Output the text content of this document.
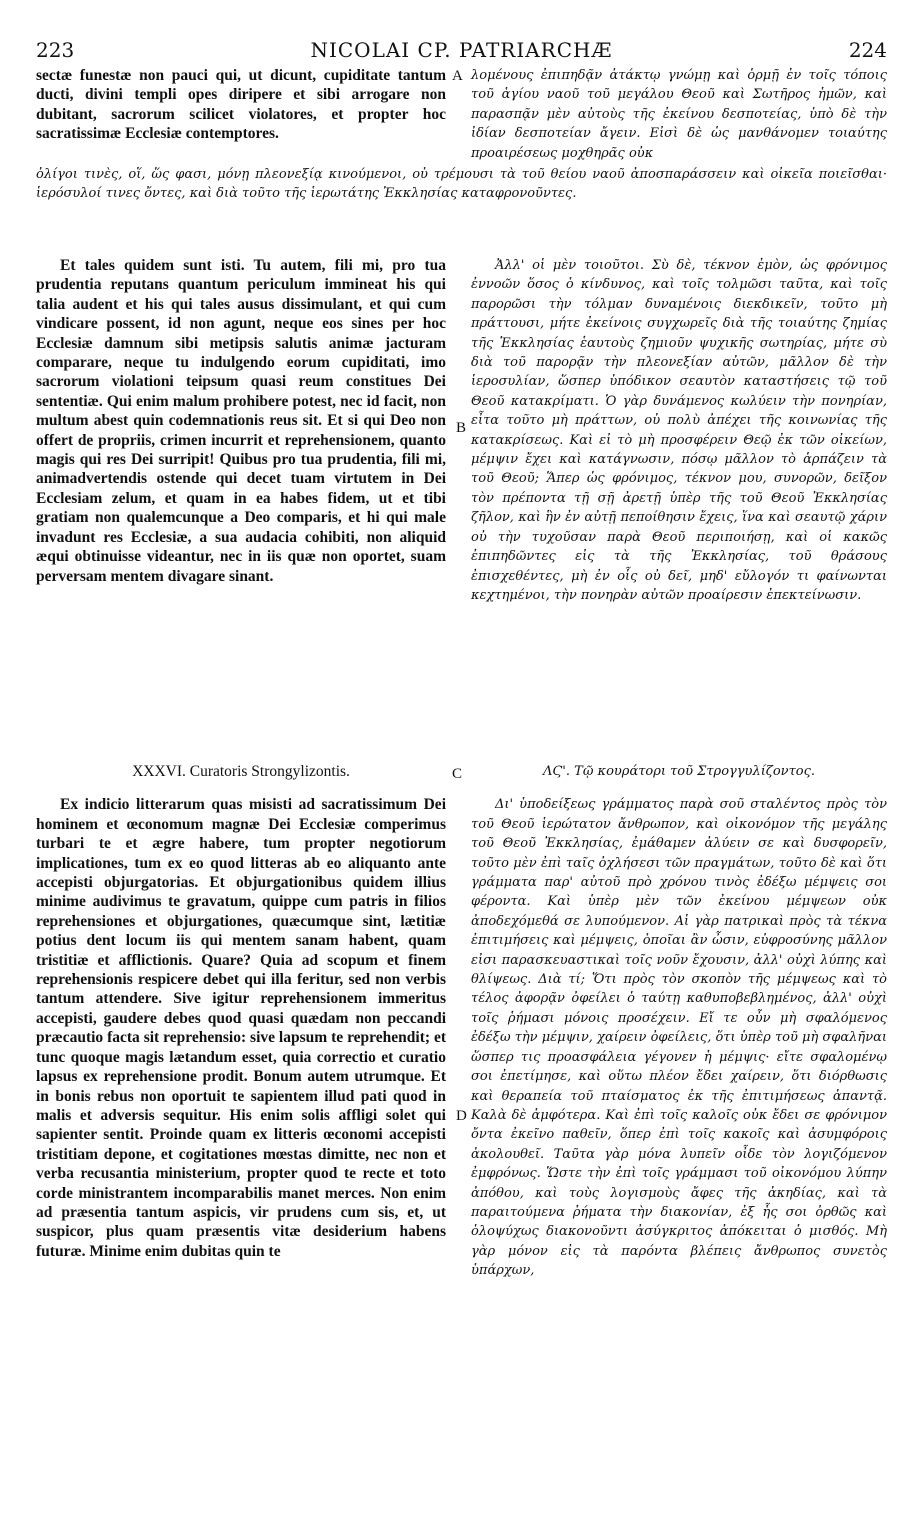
223	NICOLAI CP. PATRIARCHÆ	224

sectæ funestæ non pauci qui, ut dicunt, cupiditate tantum ducti, divini templi opes diripere et sibi arrogare non dubitant, sacrorum scilicet violatores, et propter hoc sacratissimæ Ecclesiæ contemptores.

λομένους ἐπιπηδᾷν ἀτάκτῳ γνώμῃ καὶ ὁρμῇ ἐν τοῖς τόποις τοῦ ἁγίου ναοῦ τοῦ μεγάλου Θεοῦ καὶ Σωτῆρος ἡμῶν, καὶ παρασπᾷν μὲν αὐτοὺς τῆς ἐκείνου δεσποτείας, ὑπὸ δὲ τὴν ἰδίαν δεσποτείαν ἄγειν. Εἰσὶ δὲ ὡς μανθάνομεν τοιαύτης προαιρέσεως μοχθηρᾶς οὐκ

ὀλίγοι τινὲς, οἵ, ὥς φασι, μόνῃ πλεονεξίᾳ κινούμενοι, οὐ τρέμουσι τὰ τοῦ θείου ναοῦ ἀποσπαράσσειν καὶ οἰκεῖα ποιεῖσθαι· ἱερόσυλοί τινες ὄντες, καὶ διὰ τοῦτο τῆς ἱερωτάτης Ἐκκλησίας καταφρονοῦντες.

Et tales quidem sunt isti. Tu autem, fili mi, pro tua prudentia reputans quantum periculum immineat his qui talia audent et his qui tales ausus dissimulant, et qui cum vindicare possent, id non agunt, neque eos sines per hoc Ecclesiæ damnum sibi metipsis salutis animæ jacturam comparare, neque tu indulgendo eorum cupiditati, imo sacrorum violationi teipsum quasi reum constitues Dei sententiæ. Qui enim malum prohibere potest, nec id facit, non multum abest quin codemnationis reus sit. Et si qui Deo non offert de propriis, crimen incurrit et reprehensionem, quanto magis qui res Dei surripit! Quibus pro tua prudentia, fili mi, animadvertendis ostende qui decet tuam virtutem in Dei Ecclesiam zelum, et quam in ea habes fidem, ut et tibi gratiam non qualemcunque a Deo comparis, et hi qui male invadunt res Ecclesiæ, a sua audacia cohibiti, non aliquid æqui obtinuisse videantur, nec in iis quæ non oportet, suam perversam mentem divagare sinant.

Ἀλλ' οἱ μὲν τοιοῦτοι. Σὺ δὲ, τέκνον ἐμὸν, ὡς φρόνιμος ἐννοῶν ὅσος ὁ κίνδυνος, καὶ τοῖς τολμῶσι ταῦτα, καὶ τοῖς παρορῶσι τὴν τόλμαν δυναμένοις διεκδικεῖν, τοῦτο μὴ πράττουσι, μήτε ἐκείνοις συγχωρεῖς διὰ τῆς τοιαύτης ζημίας τῆς Ἐκκλησίας ἑαυτοὺς ζημιοῦν ψυχικῆς σωτηρίας, μήτε σὺ διὰ τοῦ παρορᾷν τὴν πλεονεξίαν αὐτῶν, μᾶλλον δὲ τὴν ἱεροσυλίαν, ὥσπερ ὑπόδικον σεαυτὸν καταστήσεις τῷ τοῦ Θεοῦ κατακρίματι. Ὁ γὰρ δυνάμενος κωλύειν τὴν πονηρίαν, εἶτα τοῦτο μὴ πράττων, οὐ πολὺ ἀπέχει τῆς κοινωνίας τῆς κατακρίσεως. Καὶ εἰ τὸ μὴ προσφέρειν Θεῷ ἐκ τῶν οἰκείων, μέμψιν ἔχει καὶ κατάγνωσιν, πόσῳ μᾶλλον τὸ ἁρπάζειν τὰ τοῦ Θεοῦ; Ἅπερ ὡς φρόνιμος, τέκνον μου, συνορῶν, δεῖξον τὸν πρέποντα τῇ σῇ ἀρετῇ ὑπὲρ τῆς τοῦ Θεοῦ Ἐκκλησίας ζῆλον, καὶ ἣν ἐν αὐτῇ πεποίθησιν ἔχεις, ἵνα καὶ σεαυτῷ χάριν οὐ τὴν τυχοῦσαν παρὰ Θεοῦ περιποιήσῃ, καὶ οἱ κακῶς ἐπιπηδῶντες εἰς τὰ τῆς Ἐκκλησίας, τοῦ θράσους ἐπισχεθέντες, μὴ ἐν οἷς οὐ δεῖ, μηδ' εὔλογόν τι φαίνωνται κεχτημένοι, τὴν πονηρὰν αὐτῶν προαίρεσιν ἐπεκτείνωσιν.

XXXVI. Curatoris Strongylizontis.

Ex indicio litterarum quas misisti ad sacratissimum Dei hominem et œconomum magnæ Dei Ecclesiæ comperimus turbari te et ægre habere, tum propter negotiorum implicationes, tum ex eo quod litteras ab eo aliquanto ante accepisti objurgatorias. Et objurgationibus quidem illius minime audivimus te gravatum, quippe cum patris in filios reprehensiones et objurgationes, quæcumque sint, lætitiæ potius dent locum iis qui mentem sanam habent, quam tristitiæ et afflictionis. Quare? Quia ad scopum et finem reprehensionis respicere debet qui illa feritur, sed non verbis tantum attendere. Sive igitur reprehensionem immeritus accepisti, gaudere debes quod quasi quædam non peccandi præcautio facta sit reprehensio: sive lapsum te reprehendit; et tunc quoque magis lætandum esset, quia correctio et curatio lapsus ex reprehensione prodit. Bonum autem utrumque. Et in bonis rebus non oportuit te sapientem illud pati quod in malis et adversis sequitur. His enim solis affligi solet qui sapienter sentit. Proinde quam ex litteris œconomi accepisti tristitiam depone, et cogitationes mœstas dimitte, nec non et verba recusantia ministerium, propter quod te recte et toto corde ministrantem incomparabilis manet merces. Non enim ad præsentia tantum aspicis, vir prudens cum sis, et, ut suspicor, plus quam præsentis vitæ desiderium habens futuræ. Minime enim dubitas quin te

ΛϚ'. Τῷ κουράτορι τοῦ Στρογγυλίζοντος.

Δι' ὑποδείξεως γράμματος παρὰ σοῦ σταλέντος πρὸς τὸν τοῦ Θεοῦ ἱερώτατον ἄνθρωπον, καὶ οἰκονόμον τῆς μεγάλης τοῦ Θεοῦ Ἐκκλησίας, ἐμάθαμεν ἀλύειν σε καὶ δυσφορεῖν, τοῦτο μὲν ἐπὶ ταῖς ὀχλήσεσι τῶν πραγμάτων, τοῦτο δὲ καὶ ὅτι γράμματα παρ' αὐτοῦ πρὸ χρόνου τινὸς ἐδέξω μέμψεις σοι φέροντα. Καὶ ὑπὲρ μὲν τῶν ἐκείνου μέμψεων οὐκ ἀποδεχόμεθά σε λυπούμενον. Αἱ γὰρ πατρικαὶ πρὸς τὰ τέκνα ἐπιτιμήσεις καὶ μέμψεις, ὁποῖαι ἂν ὦσιν, εὐφροσύνης μᾶλλον εἰσι παρασκευαστικαὶ τοῖς νοῦν ἔχουσιν, ἀλλ' οὐχὶ λύπης καὶ θλίψεως. Διὰ τί; Ὅτι πρὸς τὸν σκοπὸν τῆς μέμψεως καὶ τὸ τέλος ἀφορᾷν ὀφείλει ὁ ταύτῃ καθυποβεβλημένος, ἀλλ' οὐχὶ τοῖς ῥήμασι μόνοις προσέχειν. Εἴ τε οὖν μὴ σφαλόμενος ἐδέξω τὴν μέμψιν, χαίρειν ὀφείλεις, ὅτι ὑπὲρ τοῦ μὴ σφαλῆναι ὥσπερ τις προασφάλεια γέγονεν ἡ μέμψις· εἴτε σφαλομένῳ σοι ἐπετίμησε, καὶ οὕτω πλέον ἔδει χαίρειν, ὅτι διόρθωσις καὶ θεραπεία τοῦ πταίσματος ἐκ τῆς ἐπιτιμήσεως ἀπαντᾷ. Καλὰ δὲ ἀμφότερα. Καὶ ἐπὶ τοῖς καλοῖς οὐκ ἔδει σε φρόνιμον ὄντα ἐκεῖνο παθεῖν, ὅπερ ἐπὶ τοῖς κακοῖς καὶ ἀσυμφόροις ἀκολουθεῖ. Ταῦτα γὰρ μόνα λυπεῖν οἶδε τὸν λογιζόμενον ἐμφρόνως. Ὥστε τὴν ἐπὶ τοῖς γράμμασι τοῦ οἰκονόμου λύπην ἀπόθου, καὶ τοὺς λογισμοὺς ἄφες τῆς ἀκηδίας, καὶ τὰ παραιτούμενα ῥήματα τὴν διακονίαν, ἐξ ἧς σοι ὀρθῶς καὶ ὁλοψύχως διακονοῦντι ἀσύγκριτος ἀπόκειται ὁ μισθός. Μὴ γὰρ μόνον εἰς τὰ παρόντα βλέπεις ἄνθρωπος συνετὸς ὑπάρχων,

A
B
C
D
